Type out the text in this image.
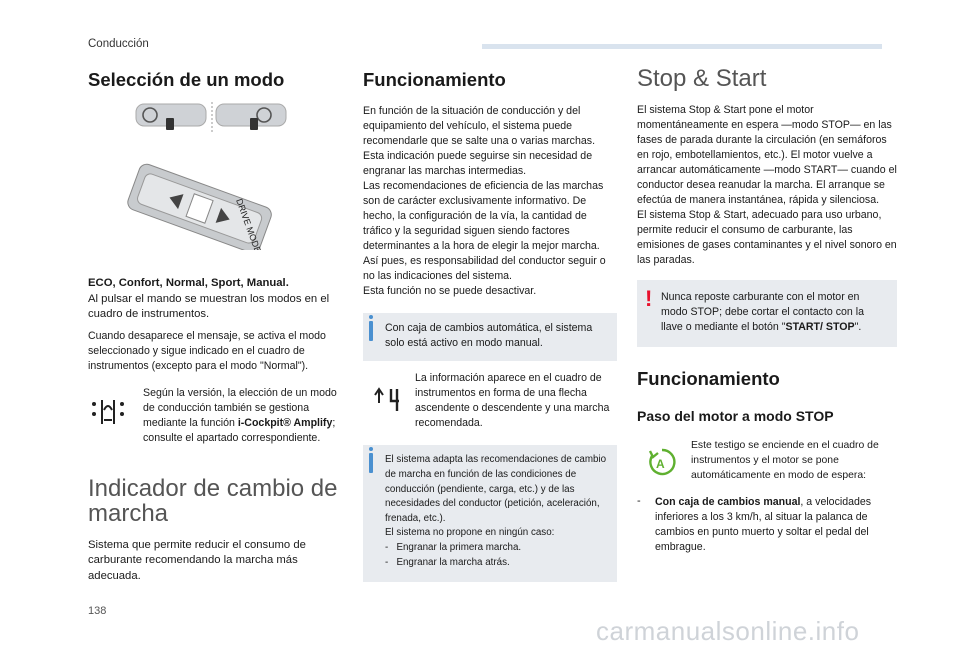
Conducción
Selección de un modo
DRIVE MODE

ECO, Confort, Normal, Sport, Manual.
Al pulsar el mando se muestran los modos en el cuadro de instrumentos.

Cuando desaparece el mensaje, se activa el modo seleccionado y sigue indicado en el cuadro de instrumentos (excepto para el modo "Normal").

Según la versión, la elección de un modo de conducción también se gestiona mediante la función i-Cockpit® Amplify; consulte el apartado correspondiente.

Indicador de cambio de
marcha

Sistema que permite reducir el consumo de carburante recomendando la marcha más adecuada.

Funcionamiento

En función de la situación de conducción y del equipamiento del vehículo, el sistema puede recomendarle que se salte una o varias marchas. Esta indicación puede seguirse sin necesidad de engranar las marchas intermedias.
Las recomendaciones de eficiencia de las marchas son de carácter exclusivamente informativo. De hecho, la configuración de la vía, la cantidad de tráfico y la seguridad siguen siendo factores determinantes a la hora de elegir la mejor marcha. Así pues, es responsabilidad del conductor seguir o no las indicaciones del sistema.
Esta función no se puede desactivar.

Con caja de cambios automática, el sistema solo está activo en modo manual.

La información aparece en el cuadro de instrumentos en forma de una flecha ascendente o descendente y una marcha recomendada.

El sistema adapta las recomendaciones de cambio de marcha en función de las condiciones de conducción (pendiente, carga, etc.) y de las necesidades del conductor (petición, aceleración, frenada, etc.).

El sistema no propone en ningún caso:

-   Engranar la primera marcha.

-   Engranar la marcha atrás.

Stop & Start

El sistema Stop & Start pone el motor momentáneamente en espera —modo STOP— en las fases de parada durante la circulación (en semáforos en rojo, embotellamientos, etc.). El motor vuelve a arrancar automáticamente —modo START— cuando el conductor desea reanudar la marcha. El arranque se efectúa de manera instantánea, rápida y silenciosa.
El sistema Stop & Start, adecuado para uso urbano, permite reducir el consumo de carburante, las emisiones de gases contaminantes y el nivel sonoro en las paradas.

! Nunca reposte carburante con el motor en modo STOP; debe cortar el contacto con la llave o mediante el botón "START/ STOP".

Funcionamiento
Paso del motor a modo STOP
A

Este testigo se enciende en el cuadro de instrumentos y el motor se pone automáticamente en modo de espera:

- Con caja de cambios manual, a velocidades inferiores a los 3 km/h, al situar la palanca de cambios en punto muerto y soltar el pedal del embrague.

138
carmanualsonline.info
